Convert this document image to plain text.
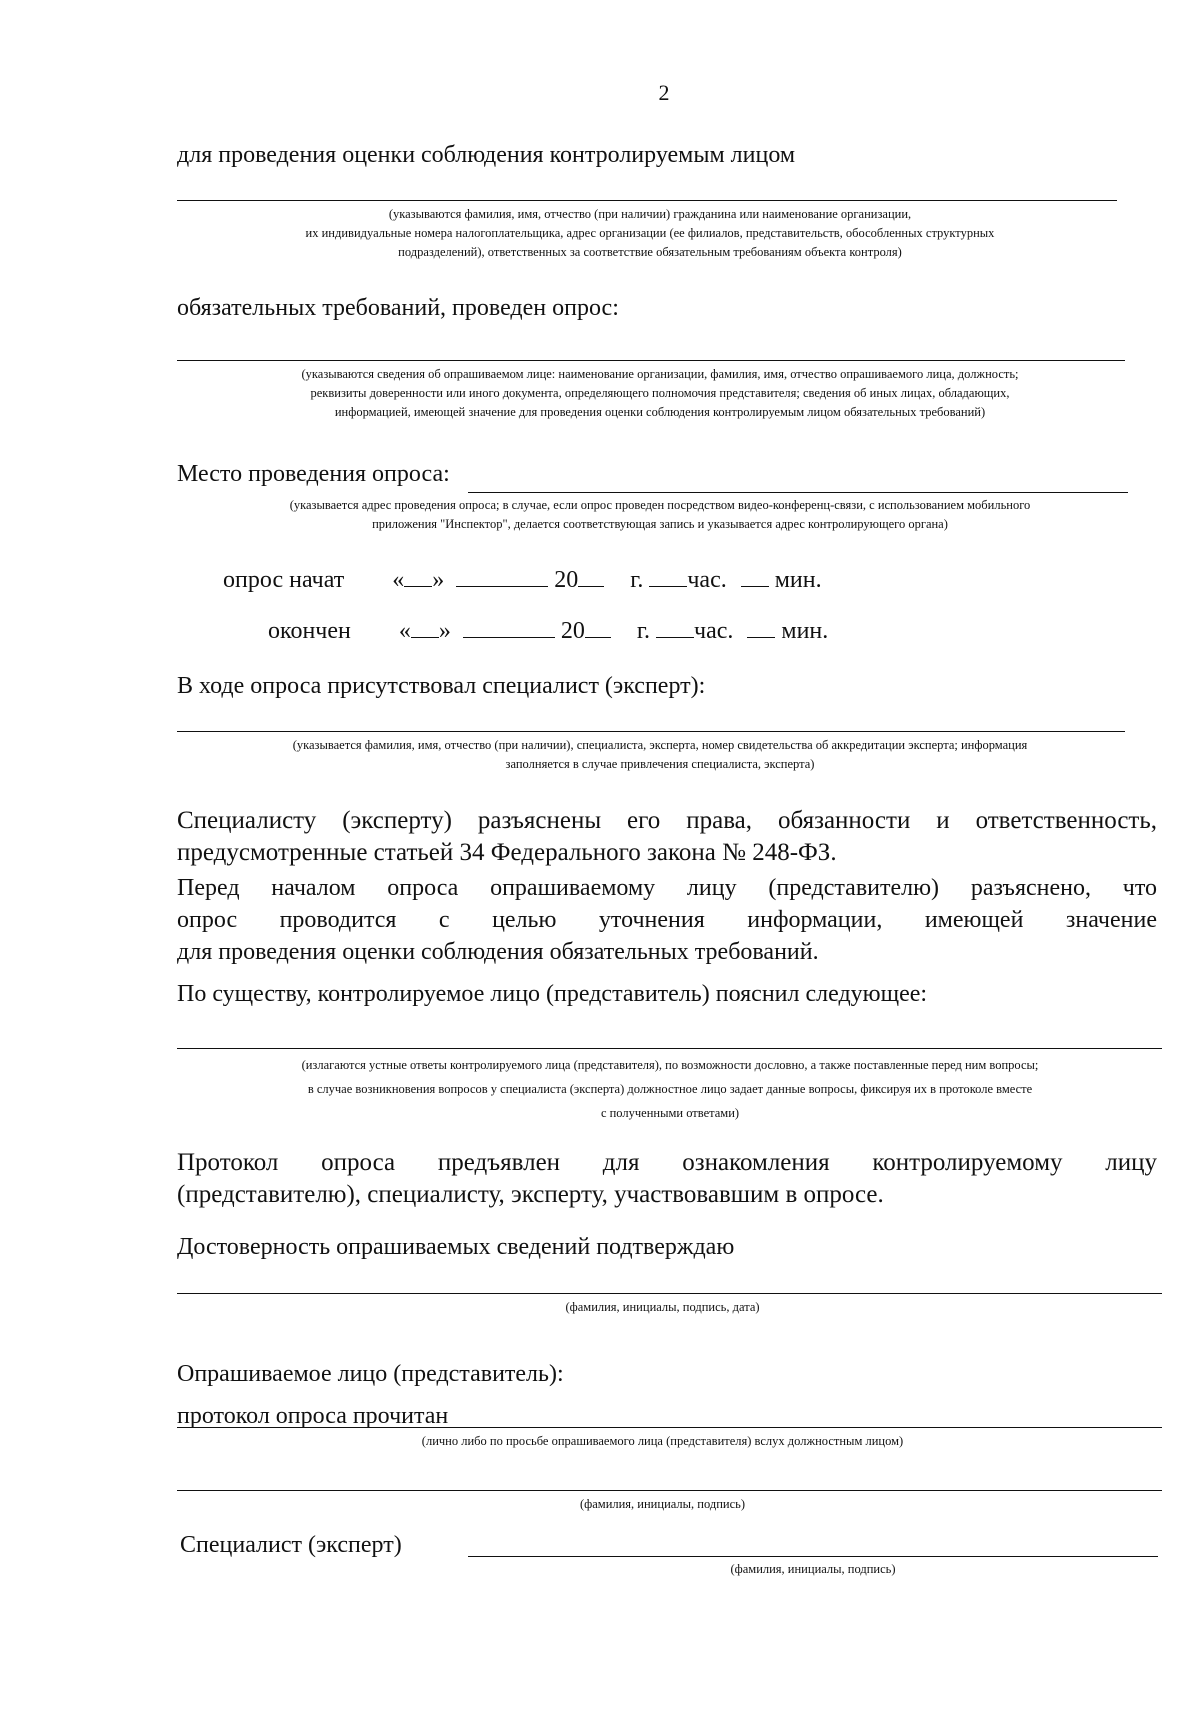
2
для проведения оценки соблюдения контролируемым лицом
(указываются фамилия, имя, отчество (при наличии) гражданина или наименование организации,
их индивидуальные номера налогоплательщика, адрес организации (ее филиалов, представительств, обособленных структурных
подразделений), ответственных за соответствие обязательным требованиям объекта контроля)
обязательных требований, проведен опрос:
(указываются сведения об опрашиваемом лице: наименование организации, фамилия, имя, отчество опрашиваемого лица, должность;
реквизиты доверенности или иного документа, определяющего полномочия представителя; сведения об иных лицах, обладающих,
информацией, имеющей значение для проведения оценки соблюдения контролируемым лицом обязательных требований)
Место проведения опроса:
(указывается адрес проведения опроса; в случае, если опрос проведен посредством видео-конференц-связи, с использованием мобильного
приложения "Инспектор", делается соответствующая запись и указывается адрес контролирующего органа)
опрос начат « »	20 г. час. мин.
окончен « »	20 г. час. мин.
В ходе опроса присутствовал специалист (эксперт):
(указывается фамилия, имя, отчество (при наличии), специалиста, эксперта, номер свидетельства об аккредитации эксперта; информация
заполняется в случае привлечения специалиста, эксперта)
Специалисту (эксперту) разъяснены его права, обязанности и ответственность,
предусмотренные статьей 34 Федерального закона № 248-ФЗ.
Перед началом опроса опрашиваемому лицу (представителю) разъяснено, что
опрос проводится с целью уточнения информации, имеющей значение
для проведения оценки соблюдения обязательных требований.
По существу, контролируемое лицо (представитель) пояснил следующее:
(излагаются устные ответы контролируемого лица (представителя), по возможности дословно, а также поставленные перед ним вопросы;
в случае возникновения вопросов у специалиста (эксперта) должностное лицо задает данные вопросы, фиксируя их в протоколе вместе
с полученными ответами)
Протокол опроса предъявлен для ознакомления контролируемому лицу
(представителю), специалисту, эксперту, участвовавшим в опросе.
Достоверность опрашиваемых сведений подтверждаю
(фамилия, инициалы, подпись, дата)
Опрашиваемое лицо (представитель):
протокол опроса прочитан
(лично либо по просьбе опрашиваемого лица (представителя) вслух должностным лицом)
(фамилия, инициалы, подпись)
Специалист (эксперт)
(фамилия, инициалы, подпись)
